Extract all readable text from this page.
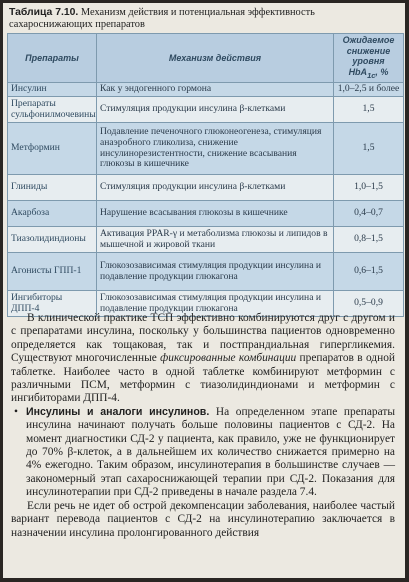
Таблица 7.10. Механизм действия и потенциальная эффективность сахароснижающих препаратов
Препараты	Механизм действия	Ожидаемое снижение уровня HbA$_{1с}$, %
Инсулин	Как у эндогенного гормона	1,0–2,5 и более
Препараты сульфонилмочевины	Стимуляция продукции инсулина β-клетками	1,5
Метформин	Подавление печеночного глюконеогенеза, стимуляция анаэробного гликолиза, снижение инсулинорезистентности, снижение всасывания глюкозы в кишечнике	1,5
Глиниды	Стимуляция продукции инсулина β-клетками	1,0–1,5
Акарбоза	Нарушение всасывания глюкозы в кишечнике	0,4–0,7
Тиазолидиндионы	Активация PPAR-γ и метаболизма глюкозы и липидов в мышечной и жировой ткани	0,8–1,5
Агонисты ГПП-1	Глюкозозависимая стимуляция продукции инсулина и подавление продукции глюкагона	0,6–1,5
Ингибиторы ДПП-4	Глюкозозависимая стимуляция продукции инсулина и подавление продукции глюкагона	0,5–0,9

В клинической практике ТСП эффективно комбинируются друг с другом и с препаратами инсулина, поскольку у большинства пациентов одновременно определяется как тощаковая, так и постпрандиальная гипергликемия. Существуют многочисленные фиксированные комбинации препаратов в одной таблетке. Наиболее часто в одной таблетке комбинируют метформин с различными ПСМ, метформин с тиазолидиндионами и метформин с ингибиторами ДПП-4.

• Инсулины и аналоги инсулинов. На определенном этапе препараты инсулина начинают получать больше половины пациентов с СД-2. На момент диагностики СД-2 у пациента, как правило, уже не функционирует до 70% β-клеток, а в дальнейшем их количество снижается примерно на 4% ежегодно. Таким образом, инсулинотерапия в большинстве случаев — закономерный этап сахароснижающей терапии при СД-2. Показания для инсулинотерапии при СД-2 приведены в начале раздела 7.4.

Если речь не идет об острой декомпенсации заболевания, наиболее частый вариант перевода пациентов с СД-2 на инсулинотерапию заключается в назначении инсулина пролонгированного действия
